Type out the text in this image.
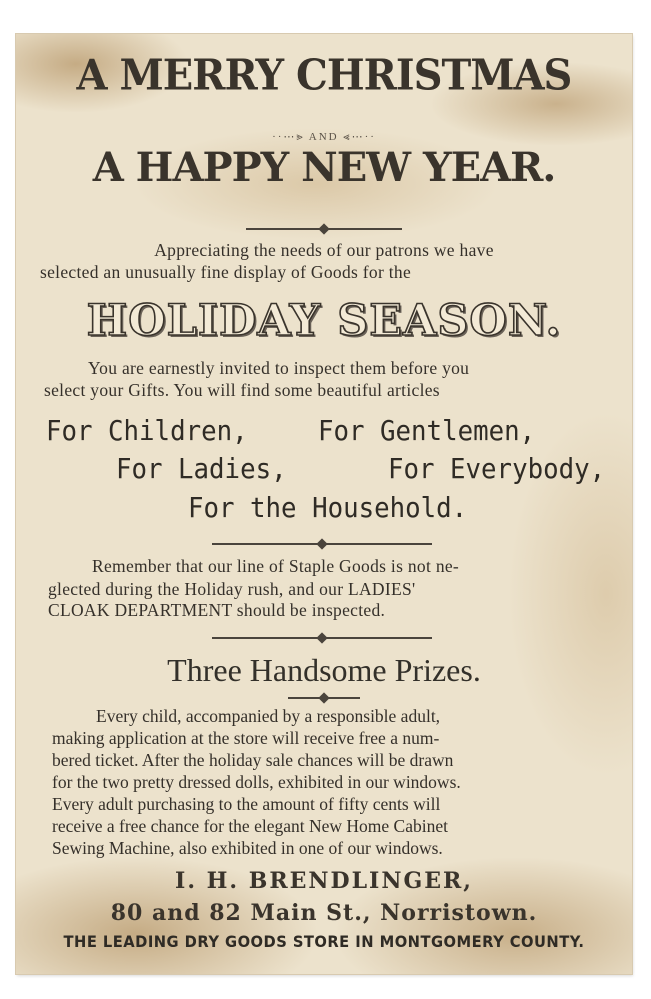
A MERRY CHRISTMAS
··⋯⪢ AND ⪡⋯··
A HAPPY NEW YEAR.
Appreciating the needs of our patrons we have
selected an unusually fine display of Goods for the
HOLIDAY SEASON.
You are earnestly invited to inspect them before you
select your Gifts. You will find some beautiful articles
For Children,	For Gentlemen,
For Ladies,	For Everybody,
For the Household.
Remember that our line of Staple Goods is not ne-
glected during the Holiday rush, and our LADIES'
CLOAK DEPARTMENT should be inspected.
Three Handsome Prizes.
Every child, accompanied by a responsible adult,
making application at the store will receive free a num-
bered ticket. After the holiday sale chances will be drawn
for the two pretty dressed dolls, exhibited in our windows.
Every adult purchasing to the amount of fifty cents will
receive a free chance for the elegant New Home Cabinet
Sewing Machine, also exhibited in one of our windows.
I. H. BRENDLINGER,
80 and 82 Main St., Norristown.
THE LEADING DRY GOODS STORE IN MONTGOMERY COUNTY.
